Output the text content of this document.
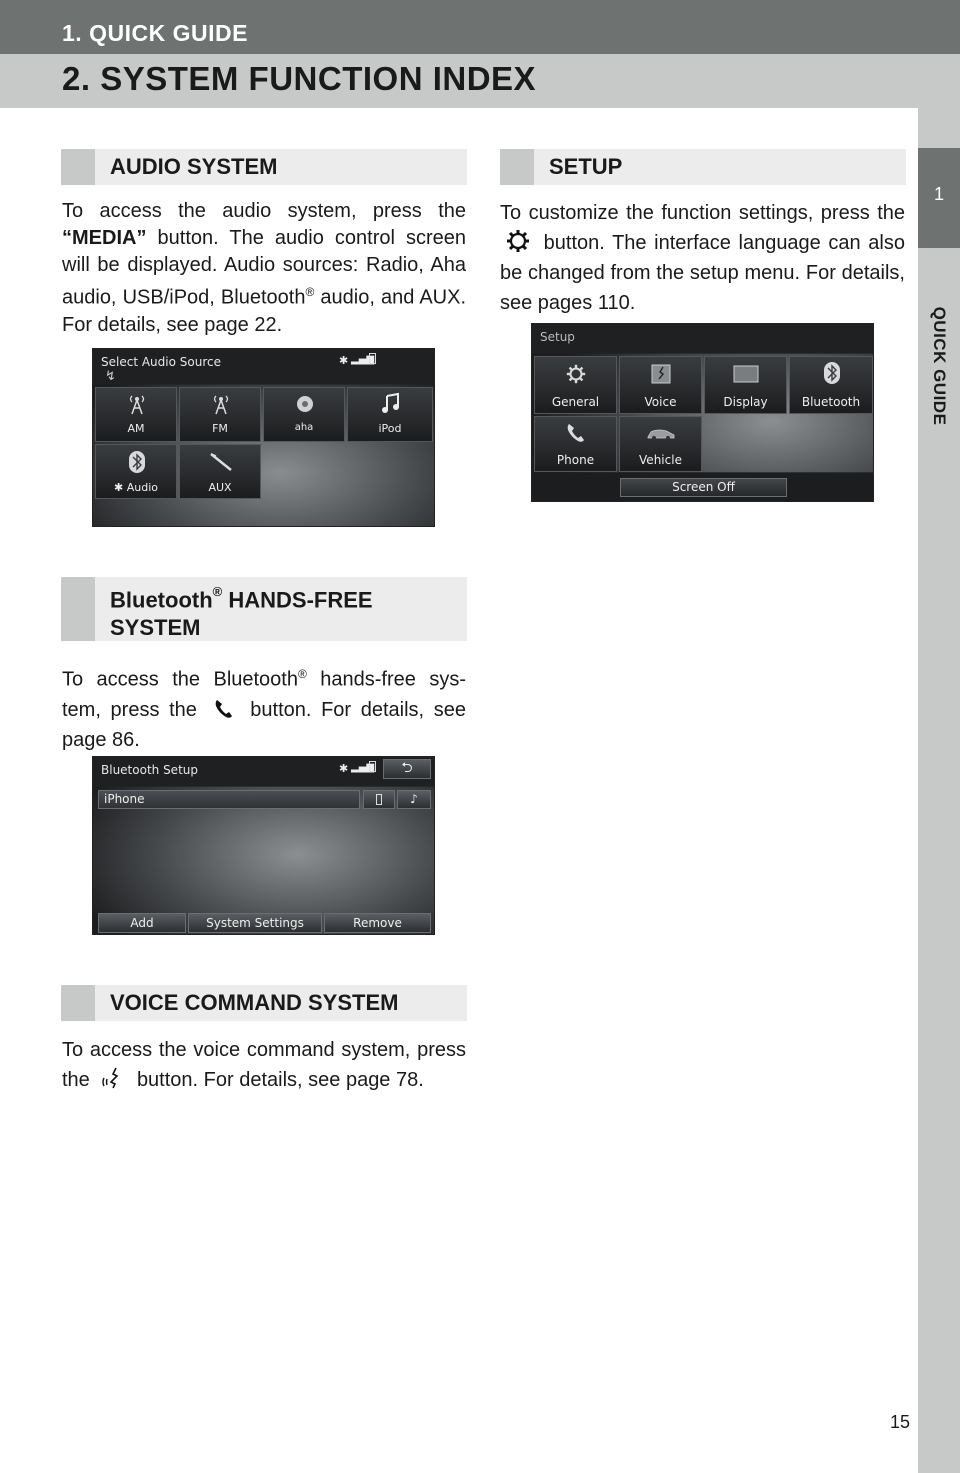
1. QUICK GUIDE
2. SYSTEM FUNCTION INDEX
1
QUICK GUIDE
AUDIO SYSTEM
To access the audio system, press the “MEDIA” button. The audio control screen will be displayed. Audio sources: Radio, Aha audio, USB/iPod, Bluetooth® audio, and AUX. For details, see page 22.
Select Audio Source	✱ ▂▄▆
↯
AM	FM	aha	iPod
✱ Audio	AUX
Bluetooth® HANDS-FREE
SYSTEM
To access the Bluetooth® hands-free sys- tem, press the	button. For details, see page 86.
Bluetooth Setup	✱ ▂▄▆	⮌
iPhone	♪
Add	System Settings	Remove
VOICE COMMAND SYSTEM
To access the voice command system, press the button. For details, see page 78.
SETUP
To customize the function settings, press the  button. The interface language can also be changed from the setup menu. For details, see pages 110.
Setup
General	Voice	Display	Bluetooth
Phone	Vehicle
Screen Off
15
